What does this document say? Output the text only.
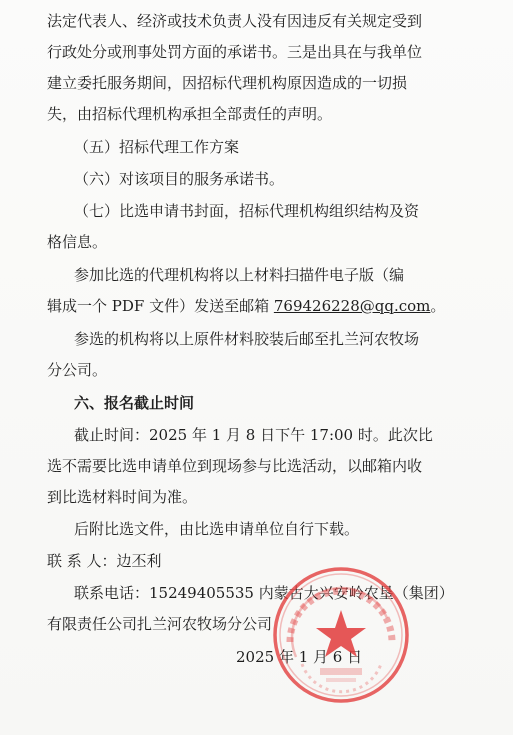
法定代表人、经济或技术负责人没有因违反有关规定受到
行政处分或刑事处罚方面的承诺书。三是出具在与我单位
建立委托服务期间，因招标代理机构原因造成的一切损
失，由招标代理机构承担全部责任的声明。
（五）招标代理工作方案
（六）对该项目的服务承诺书。
（七）比选申请书封面，招标代理机构组织结构及资
格信息。
参加比选的代理机构将以上材料扫描件电子版（编
辑成一个 PDF 文件）发送至邮箱 769426228@qq.com。
参选的机构将以上原件材料胶装后邮至扎兰河农牧场
分公司。
六、报名截止时间
截止时间：2025 年 1 月 8 日下午 17:00 时。此次比
选不需要比选申请单位到现场参与比选活动，以邮箱内收
到比选材料时间为准。
后附比选文件，由比选申请单位自行下载。
联 系 人：边丕利
联系电话：15249405535 内蒙古大兴安岭农垦（集团）
有限责任公司扎兰河农牧场分公司
2025 年 1 月 6 日
